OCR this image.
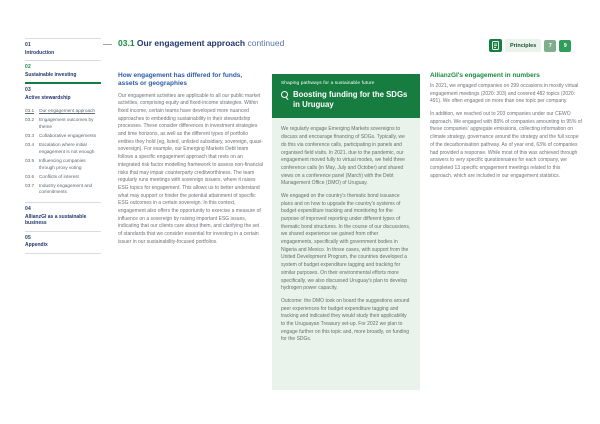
01
Introduction
02
Sustainable investing
03
Active stewardship
03.1	Our engagement approach
03.2	Engagement outcomes by theme
03.3	Collaborative engagements
03.4	Escalation where initial engagement is not enough
03.5	Influencing companies through proxy voting
03.6	Conflicts of interest
03.7	Industry engagement and commitments
04
AllianzGI as a sustainable business
05
Appendix
03.1 Our engagement approach continued	Principles	7	9
How engagement has differed for funds, assets or geographies

Our engagement activities are applicable to all our public market activities, comprising equity and fixed-income strategies. Within fixed income, certain teams have developed more nuanced approaches to embedding sustainability in their stewardship processes. These consider differences in investment strategies and time horizons, as well as the different types of portfolio entities they hold (eg, listed, unlisted subsidiary, sovereign, quasi-sovereign). For example, our Emerging Markets Debt team follows a specific engagement approach that rests on an integrated risk factor modelling framework to assess non-financial risks that may impair counterparty creditworthiness. The team regularly runs meetings with sovereign issuers, where it raises ESG topics for engagement. This allows us to better understand what may support or hinder the potential attainment of specific ESG outcomes in a certain sovereign. In this context, engagement also offers the opportunity to exercise a measure of influence on a sovereign by raising important ESG issues, indicating that our clients care about them, and clarifying the set of standards that we consider essential for investing in a certain issuer in our sustainability-focused portfolios.

Shaping pathways for a sustainable future
Boosting funding for the SDGs in Uruguay

We regularly engage Emerging Markets sovereigns to discuss and encourage financing of SDGs. Typically, we do this via conference calls, participating in panels and organised field visits. In 2021, due to the pandemic, our engagement moved fully to virtual modes, we held three conference calls (in May, July and October) and shared views on a conference panel (March) with the Debt Management Office (DMO) of Uruguay.

We engaged on the country's thematic bond issuance plans and on how to upgrade the country's systems of budget expenditure tracking and monitoring for the purpose of improved reporting under different types of thematic bond structures. In the course of our discussions, we shared experience we gained from other engagements, specifically with government bodies in Nigeria and Mexico. In those cases, with support from the United Development Program, the countries developed a system of budget expenditure tagging and tracking for similar purposes. On their environmental efforts more specifically, we also discussed Uruguay's plan to develop hydrogen power capacity.

Outcome: the DMO took on board the suggestions around peer experiences for budget expenditure tagging and tracking and indicated they would study their applicability to the Uruguayan Treasury set-up. For 2022 we plan to engage further on this topic and, more broadly, on funding for the SDGs.

AllianzGI's engagement in numbers

In 2021, we engaged companies on 299 occasions in mostly virtual engagement meetings (2020: 303) and covered 482 topics (2020: 491). We often engaged on more than one topic per company.

In addition, we reached out to 203 companies under our CEWO approach. We engaged with 88% of companies amounting to 95% of these companies' aggregate emissions, collecting information on climate strategy, governance around the strategy and the full scope of the decarbonisation pathway. As of year end, 63% of companies had provided a response. While most of this was achieved through answers to very specific questionnaires for each company, we completed 13 specific engagement meetings related to this approach, which are included in our engagement statistics.
